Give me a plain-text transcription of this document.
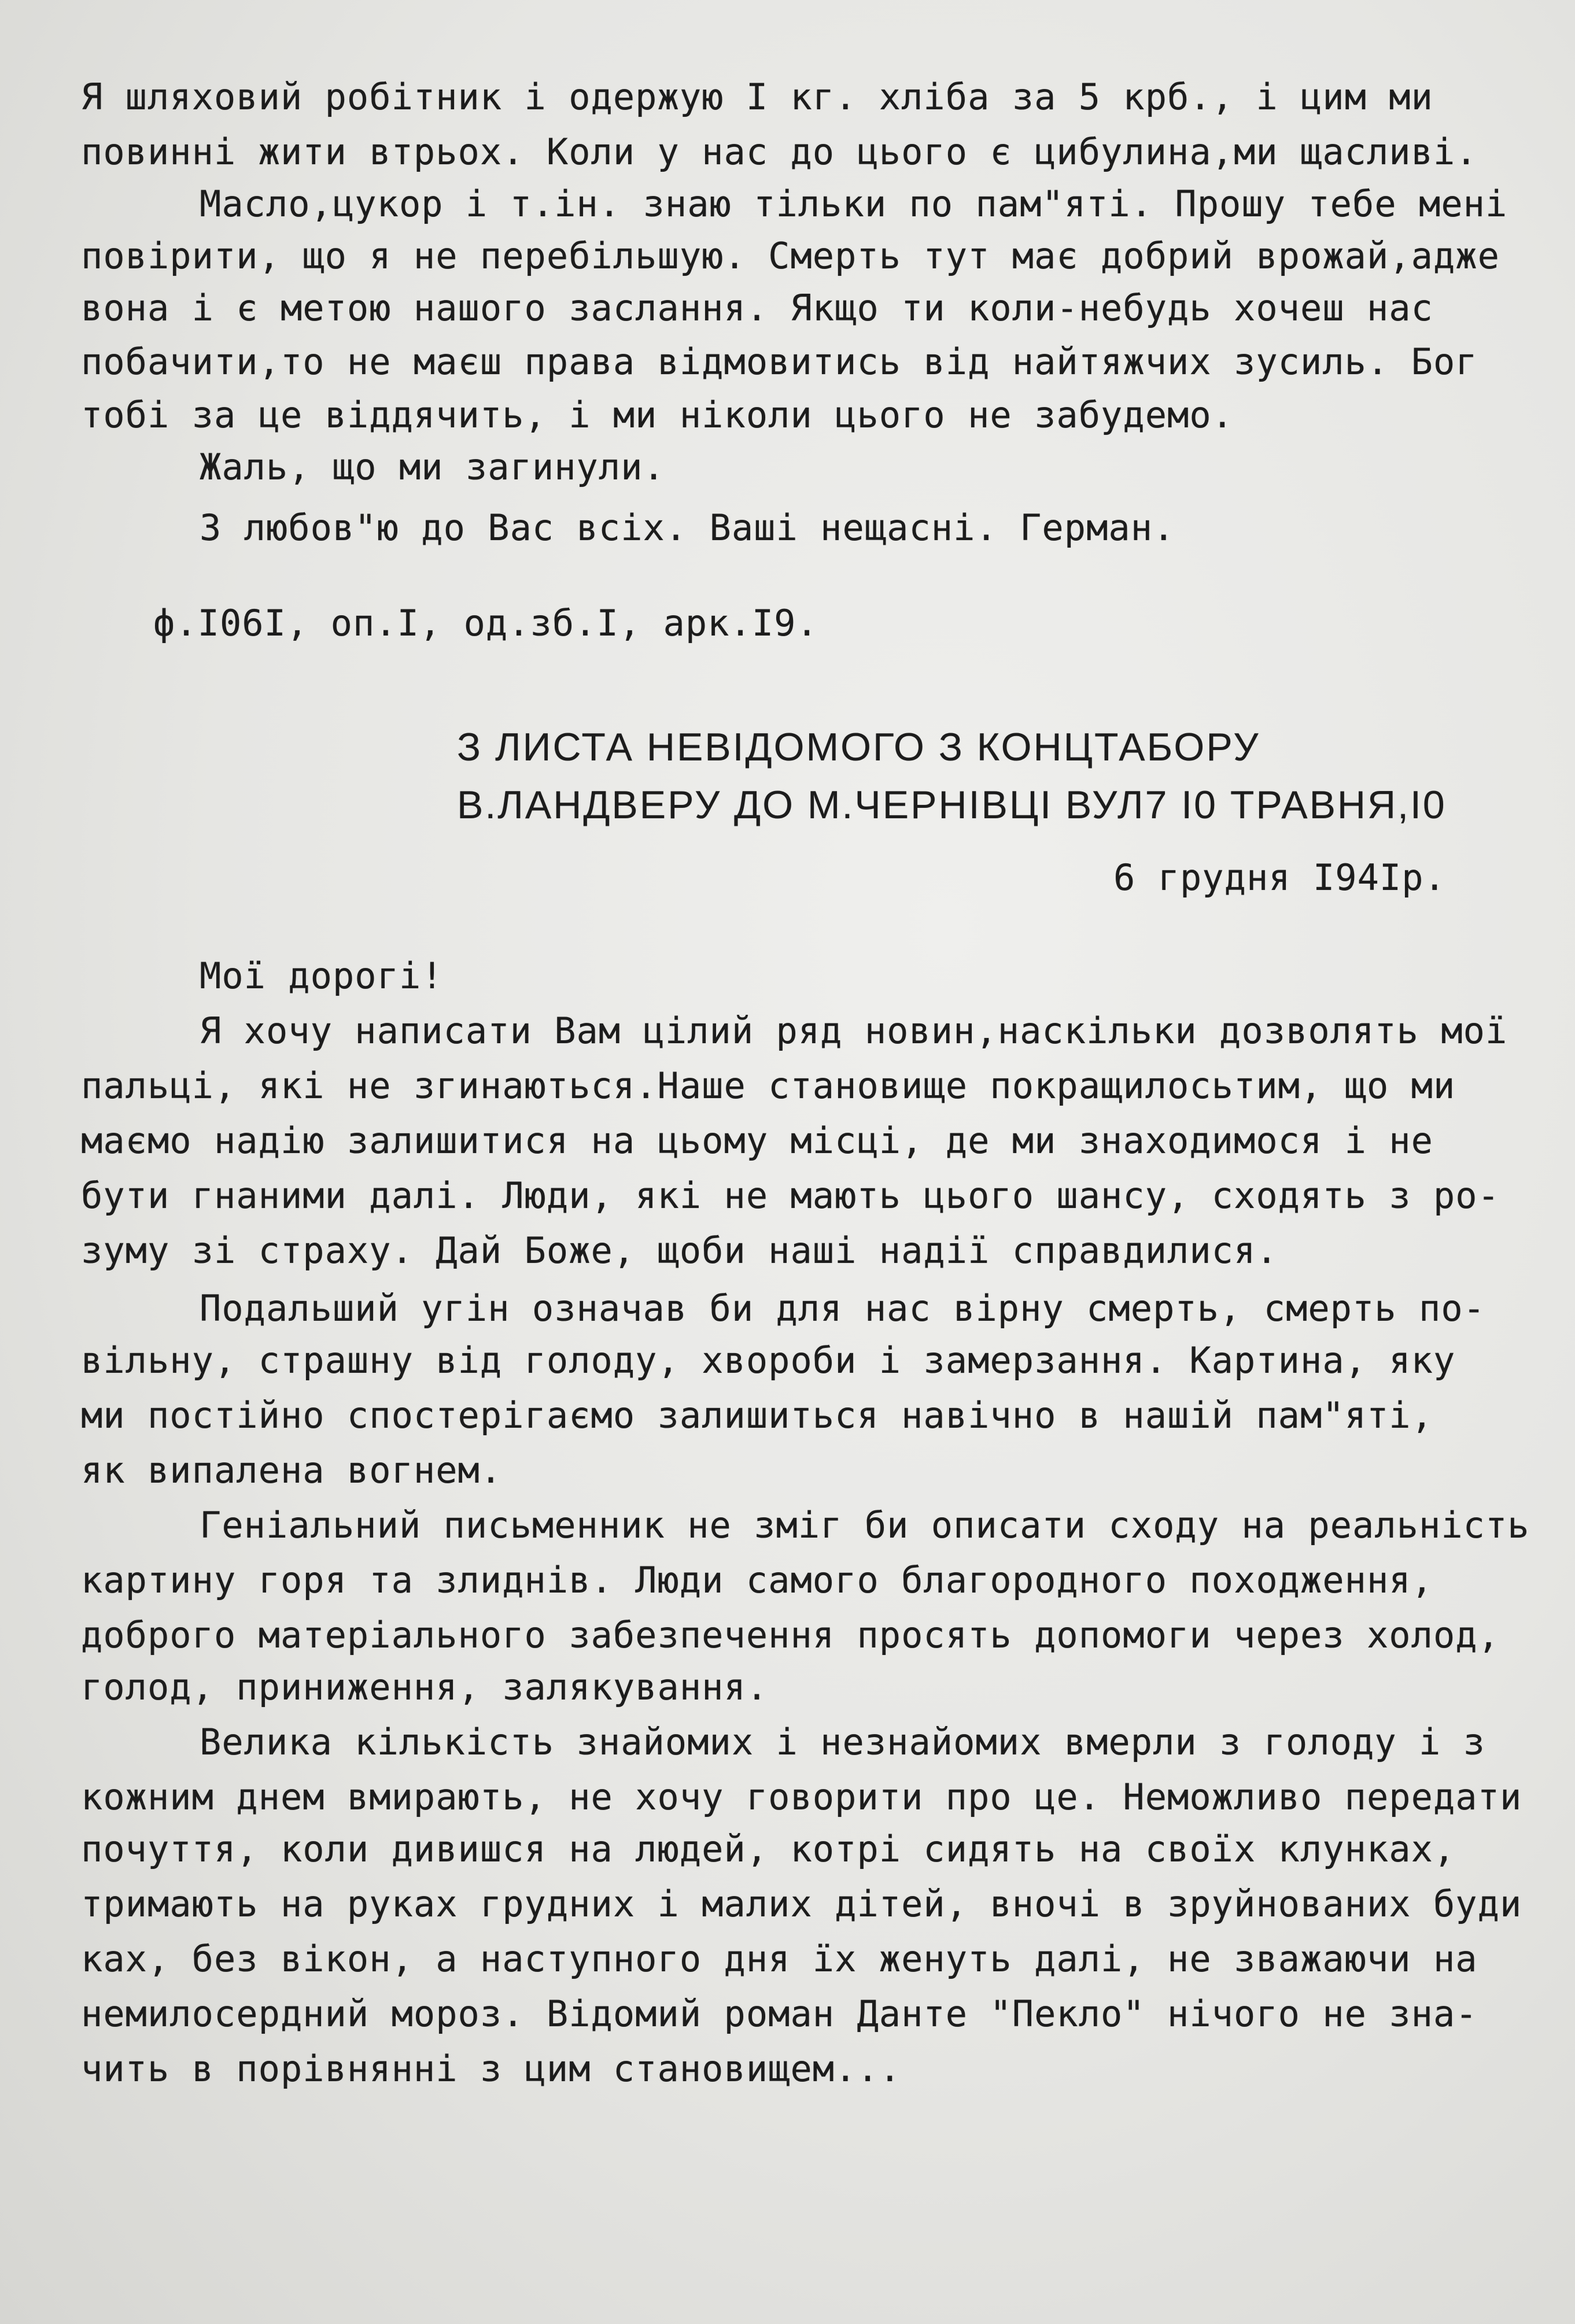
Я шляховий робітник і одержую I кг. хліба за 5 крб., і цим ми
повинні жити втрьох. Коли у нас до цього є цибулина,ми щасливі.
Масло,цукор і т.ін. знаю тільки по пам"яті. Прошу тебе мені
повірити, що я не перебільшую. Смерть тут має добрий врожай,адже
вона і є метою нашого заслання. Якщо ти коли-небудь хочеш нас
побачити,то не маєш права відмовитись від найтяжчих зусиль. Бог
тобі за це віддячить, і ми ніколи цього не забудемо.
Жаль, що ми загинули.
З любов"ю до Вас всіх. Ваші нещасні. Герман.
ф.I06I, оп.I, од.зб.I, арк.I9.
З ЛИСТА НЕВІДОМОГО З КОНЦТАБОРУ
В.ЛАНДВЕРУ ДО М.ЧЕРНІВЦІ ВУЛ7 I0 ТРАВНЯ,I0
6 грудня I94Iр.
Мої дорогі!
Я хочу написати Вам цілий ряд новин,наскільки дозволять мої
пальці, які не згинаються.Наше становище покращилосьтим, що ми
маємо надію залишитися на цьому місці, де ми знаходимося і не
бути гнаними далі. Люди, які не мають цього шансу, сходять з ро-
зуму зі страху. Дай Боже, щоби наші надії справдилися.
Подальший угін означав би для нас вірну смерть, смерть по-
вільну, страшну від голоду, хвороби і замерзання. Картина, яку
ми постійно спостерігаємо залишиться навічно в нашій пам"яті,
як випалена вогнем.
Геніальний письменник не зміг би описати сходу на реальність
картину горя та злиднів. Люди самого благородного походження,
доброго матеріального забезпечення просять допомоги через холод,
голод, приниження, залякування.
Велика кількість знайомих і незнайомих вмерли з голоду і з
кожним днем вмирають, не хочу говорити про це. Неможливо передати
почуття, коли дивишся на людей, котрі сидять на своїх клунках,
тримають на руках грудних і малих дітей, вночі в зруйнованих буди
ках, без вікон, а наступного дня їх женуть далі, не зважаючи на
немилосердний мороз. Відомий роман Данте "Пекло" нічого не зна-
чить в порівнянні з цим становищем...
